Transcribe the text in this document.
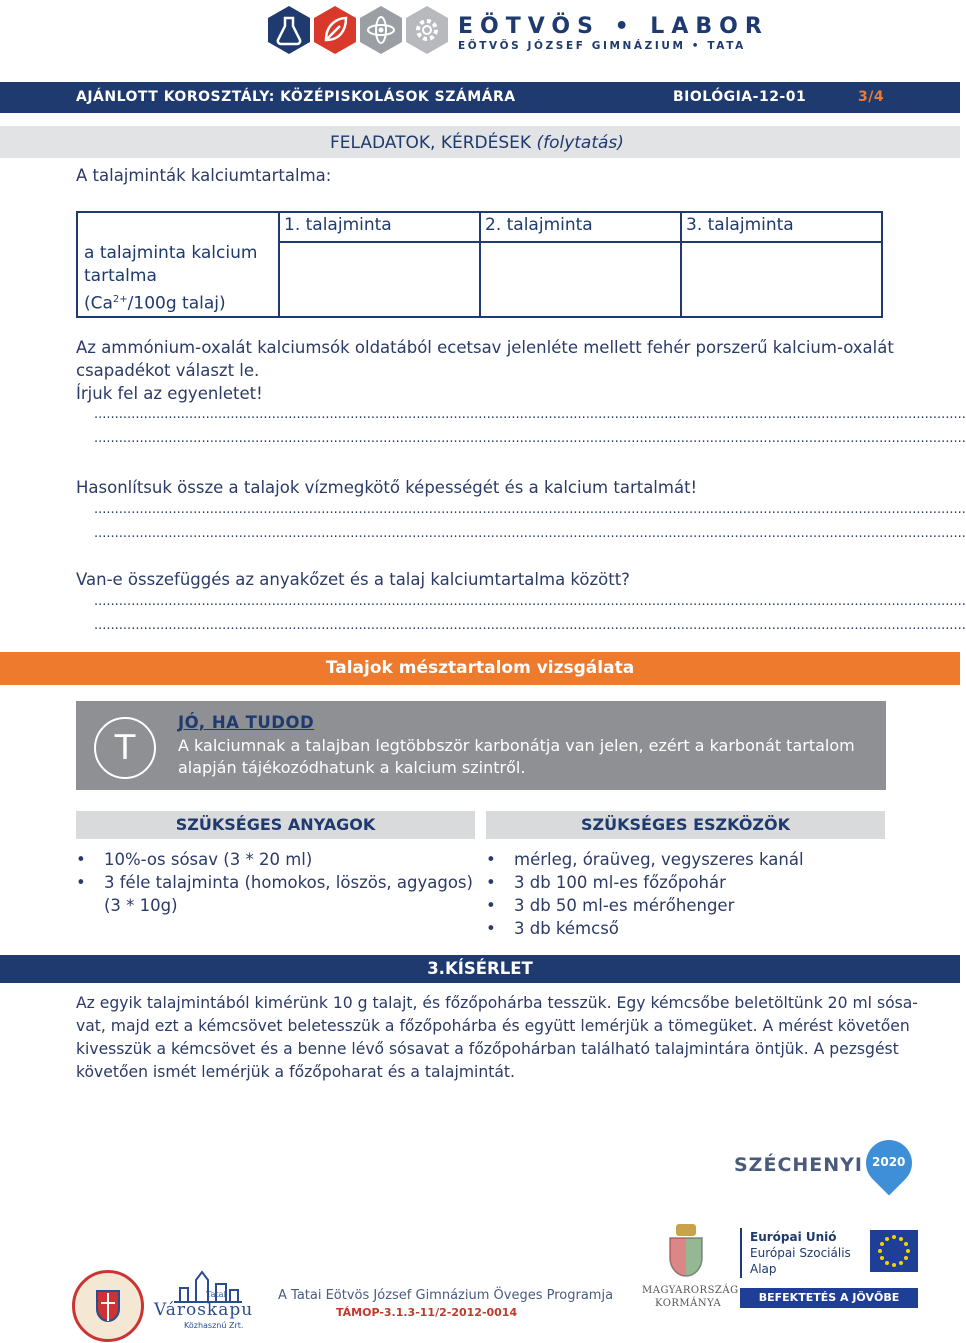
EÖTVÖS • LABOR
EÖTVÖS JÓZSEF GIMNÁZIUM • TATA
AJÁNLOTT KOROSZTÁLY: KÖZÉPISKOLÁSOK SZÁMÁRA	BIOLÓGIA-12-01	3/4
FELADATOK, KÉRDÉSEK (folytatás)
A talajminták kalciumtartalma:
a talajminta kalcium
tartalma
($Ca^{2+}/100g$ talaj)	1. talajminta	2. talajminta	3. talajminta

Az ammónium-oxalát kalciumsók oldatából ecetsav jelenléte mellett fehér porszerű kalcium-oxalát
csapadékot választ le.
Írjuk fel az egyenletet!
...................................................................................................................................................................................................................
...................................................................................................................................................................................................................
Hasonlítsuk össze a talajok vízmegkötő képességét és a kalcium tartalmát!
...................................................................................................................................................................................................................
...................................................................................................................................................................................................................
Van-e összefüggés az anyakőzet és a talaj kalciumtartalma között?
...................................................................................................................................................................................................................
...................................................................................................................................................................................................................
Talajok mésztartalom vizsgálata
T
JÓ, HA TUDOD
A kalciumnak a talajban legtöbbször karbonátja van jelen, ezért a karbonát tartalom
alapján tájékozódhatunk a kalcium szintről.
SZÜKSÉGES ANYAGOK	SZÜKSÉGES ESZKÖZÖK
• 10%-os sósav (3 * 20 ml)
• 3 féle talajminta (homokos, löszös, agyagos)
(3 * 10g)
• mérleg, óraüveg, vegyszeres kanál
• 3 db 100 ml-es főzőpohár
• 3 db 50 ml-es mérőhenger
• 3 db kémcső
3.KÍSÉRLET
Az egyik talajmintából kimérünk 10 g talajt, és főzőpohárba tesszük. Egy kémcsőbe beletöltünk 20 ml sósa-
vat, majd ezt a kémcsövet beletesszük a főzőpohárba és együtt lemérjük a tömegüket. A mérést követően
kivesszük a kémcsövet és a benne lévő sósavat a főzőpohárban található talajmintára öntjük. A pezsgést
követően ismét lemérjük a főzőpoharat és a talajmintát.
SZÉCHENYI 2020
Tatai
Városkapu
Közhasznú Zrt.
A Tatai Eötvös József Gimnázium Öveges Programja
TÁMOP-3.1.3-11/2-2012-0014
MAGYARORSZÁG
KORMÁNYA
Európai Unió
Európai Szociális
Alap
BEFEKTETÉS A JÖVŐBE
